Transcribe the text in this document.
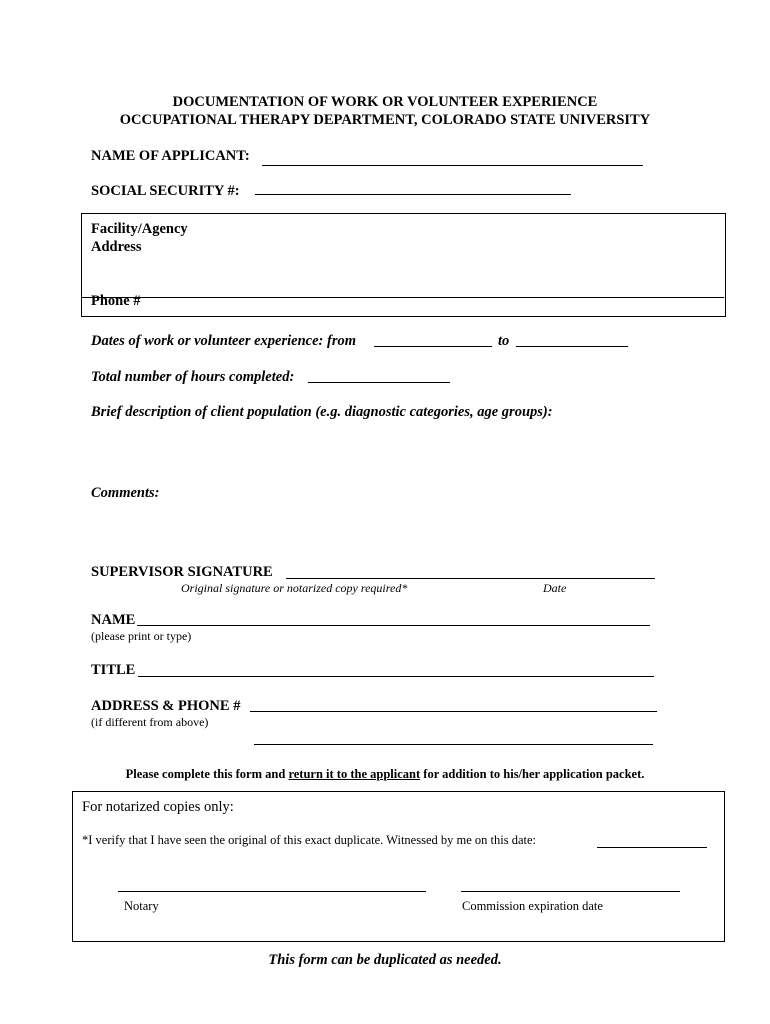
DOCUMENTATION OF WORK OR VOLUNTEER EXPERIENCE
OCCUPATIONAL THERAPY DEPARTMENT, COLORADO STATE UNIVERSITY
NAME OF APPLICANT:
SOCIAL SECURITY #:
Facility/Agency
Address
Phone #
Dates of work or volunteer experience: from	to
Total number of hours completed:
Brief description of client population (e.g. diagnostic categories, age groups):
Comments:
SUPERVISOR SIGNATURE
Original signature or notarized copy required*	Date
NAME
(please print or type)
TITLE
ADDRESS & PHONE #
(if different from above)
Please complete this form and return it to the applicant for addition to his/her application packet.
For notarized copies only:
*I verify that I have seen the original of this exact duplicate. Witnessed by me on this date:
Notary	Commission expiration date
This form can be duplicated as needed.
